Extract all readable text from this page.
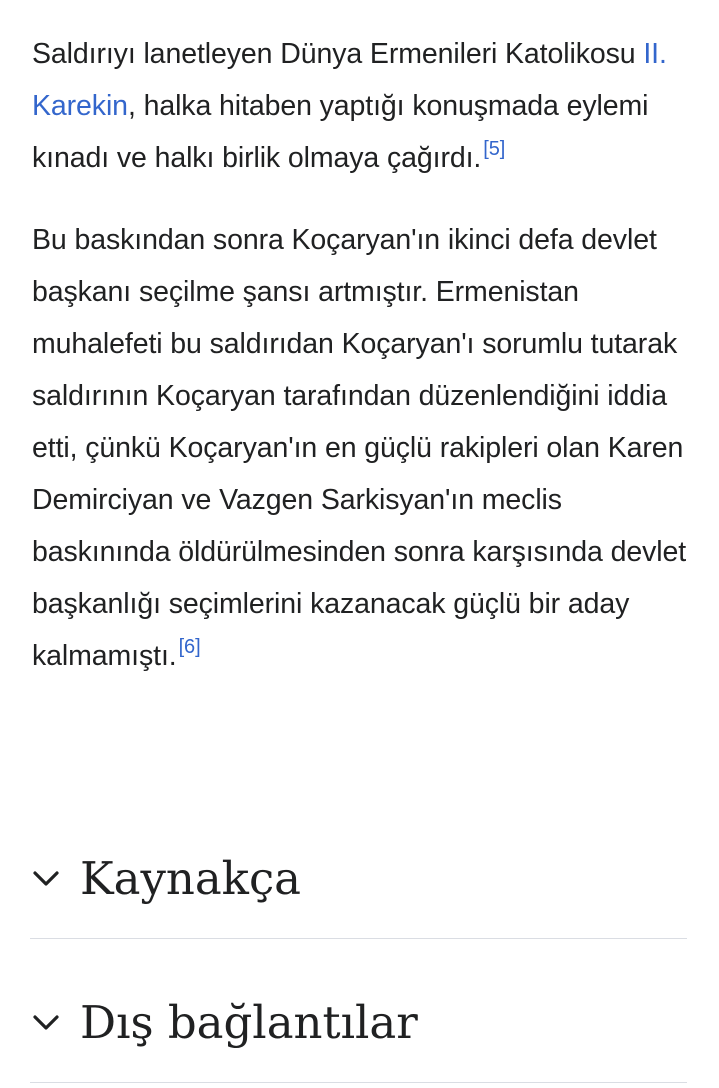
Saldırıyı lanetleyen Dünya Ermenileri Katolikosu II. Karekin, halka hitaben yaptığı konuşmada eylemi kınadı ve halkı birlik olmaya çağırdı. [5]

Bu baskından sonra Koçaryan'ın ikinci defa devlet başkanı seçilme şansı artmıştır. Ermenistan muhalefeti bu saldırıdan Koçaryan'ı sorumlu tutarak saldırının Koçaryan tarafından düzenlendiğini iddia etti, çünkü Koçaryan'ın en güçlü rakipleri olan Karen Demirciyan ve Vazgen Sarkisyan'ın meclis baskınında öldürülmesinden sonra karşısında devlet başkanlığı seçimlerini kazanacak güçlü bir aday kalmamıştı. [6]

Kaynakça
Dış bağlantılar
